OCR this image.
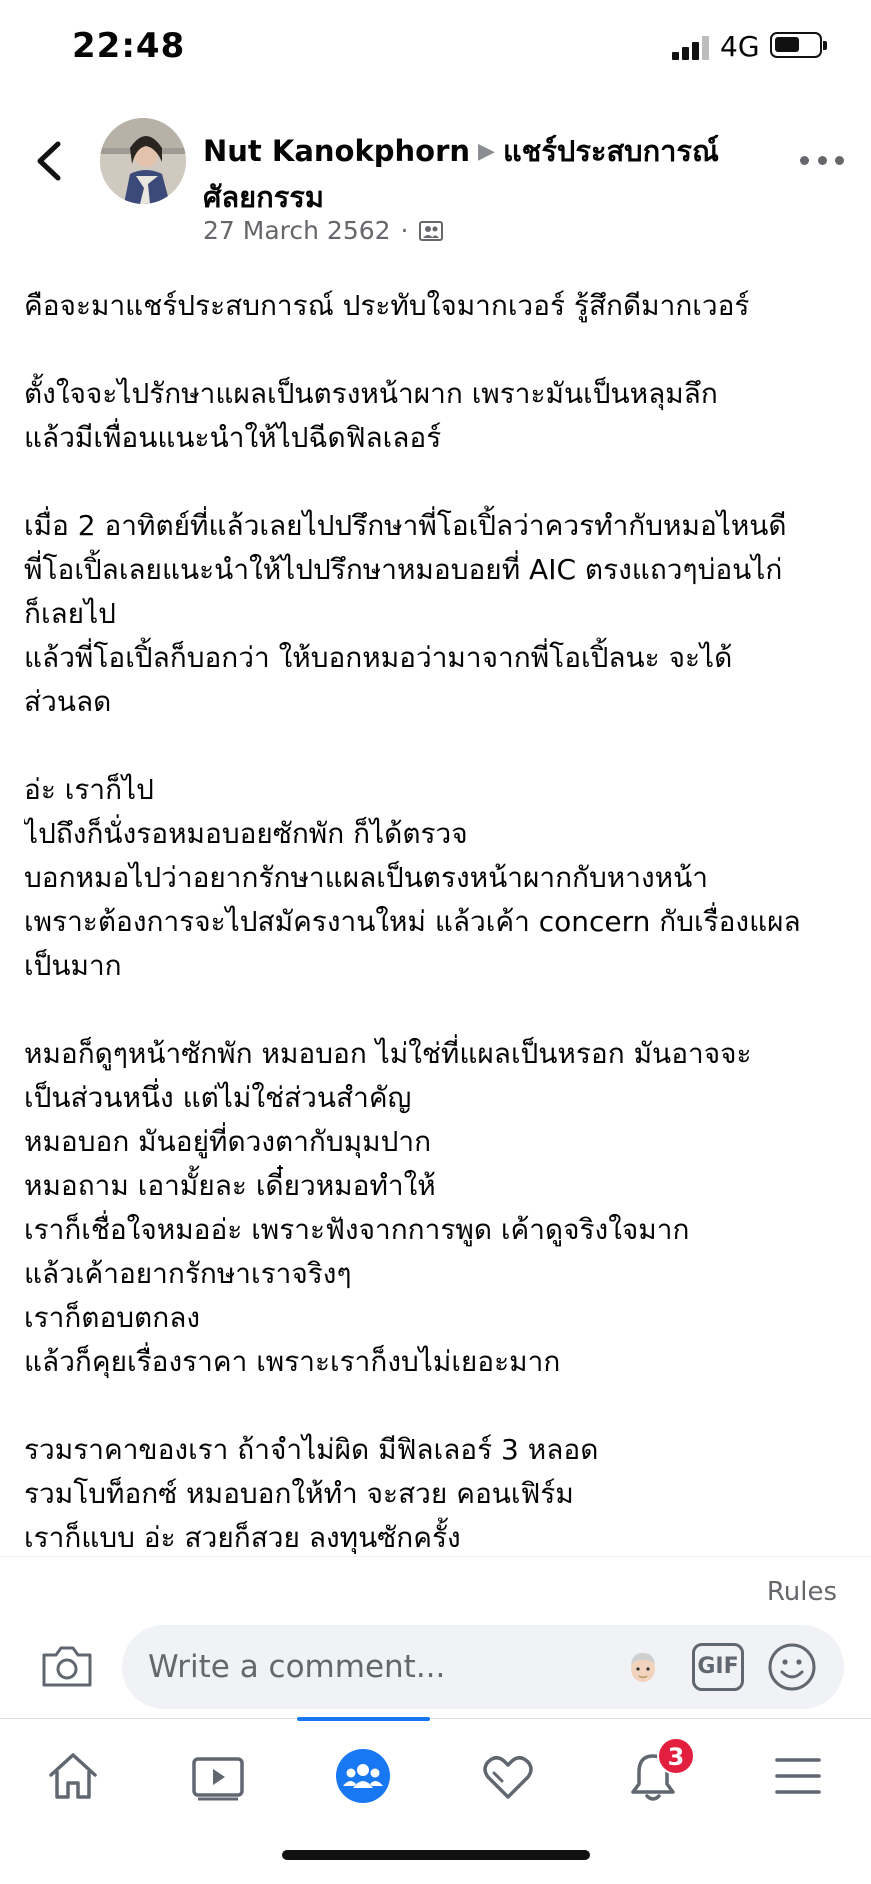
22:48	4G
Nut Kanokphorn ▶ แชร์ประสบการณ์ศัลยกรรม
27 March 2562 ·
คือจะมาแชร์ประสบการณ์ ประทับใจมากเวอร์ รู้สึกดีมากเวอร์
ตั้งใจจะไปรักษาแผลเป็นตรงหน้าผาก เพราะมันเป็นหลุมลึก
แล้วมีเพื่อนแนะนำให้ไปฉีดฟิลเลอร์
เมื่อ 2 อาทิตย์ที่แล้วเลยไปปรึกษาพี่โอเปิ้ลว่าควรทำกับหมอไหนดี
พี่โอเปิ้ลเลยแนะนำให้ไปปรึกษาหมอบอยที่ AIC ตรงแถวๆบ่อนไก่
ก็เลยไป
แล้วพี่โอเปิ้ลก็บอกว่า ให้บอกหมอว่ามาจากพี่โอเปิ้ลนะ จะได้
ส่วนลด
อ่ะ เราก็ไป
ไปถึงก็นั่งรอหมอบอยซักพัก ก็ได้ตรวจ
บอกหมอไปว่าอยากรักษาแผลเป็นตรงหน้าผากกับหางหน้า
เพราะต้องการจะไปสมัครงานใหม่ แล้วเค้า concern กับเรื่องแผล
เป็นมาก
หมอก็ดูๆหน้าซักพัก หมอบอก ไม่ใช่ที่แผลเป็นหรอก มันอาจจะ
เป็นส่วนหนึ่ง แต่ไม่ใช่ส่วนสำคัญ
หมอบอก มันอยู่ที่ดวงตากับมุมปาก
หมอถาม เอามั้ยละ เดี๋ยวหมอทำให้
เราก็เชื่อใจหมออ่ะ เพราะฟังจากการพูด เค้าดูจริงใจมาก
แล้วเค้าอยากรักษาเราจริงๆ
เราก็ตอบตกลง
แล้วก็คุยเรื่องราคา เพราะเราก็งบไม่เยอะมาก
รวมราคาของเรา ถ้าจำไม่ผิด มีฟิลเลอร์ 3 หลอด
รวมโบท็อกซ์ หมอบอกให้ทำ จะสวย คอนเฟิร์ม
เราก็แบบ อ่ะ สวยก็สวย ลงทุนซักครั้ง
Rules
Write a comment...
GIF
3
